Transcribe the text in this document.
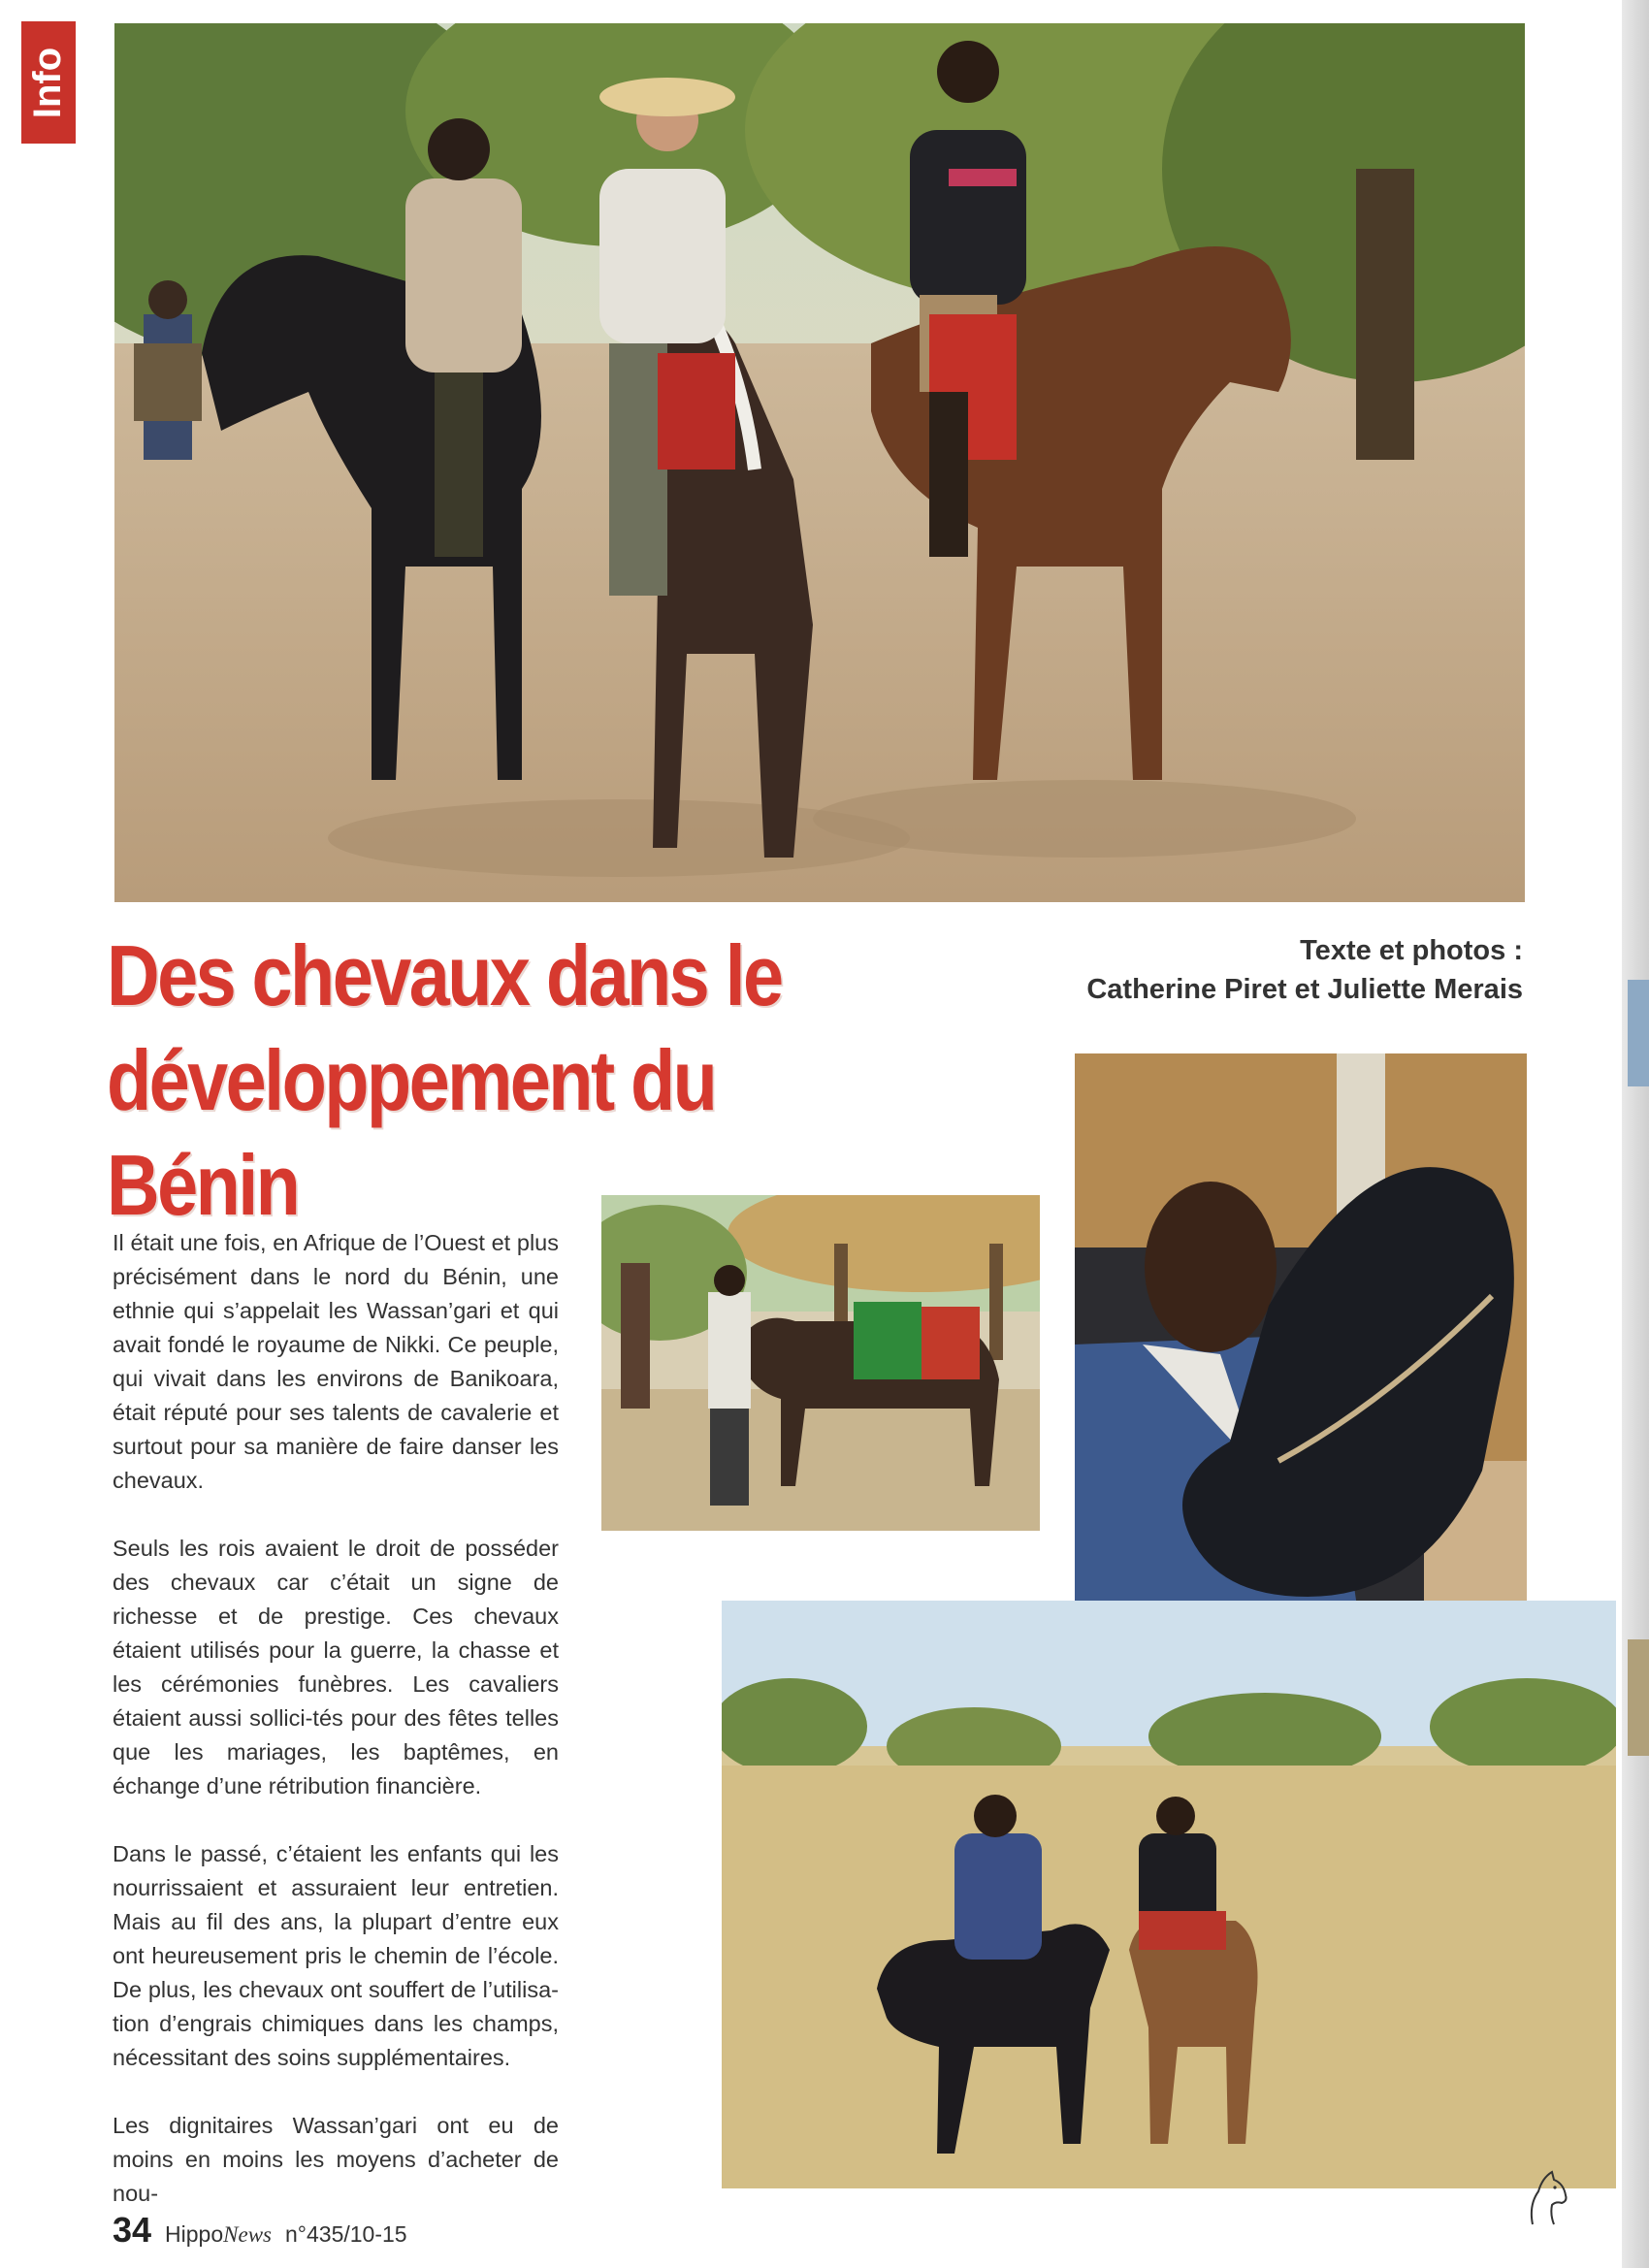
Info
Des chevaux dans le
développement du Bénin
Texte et photos :
Catherine Piret et Juliette Merais

Il était une fois, en Afrique de l’Ouest et plus précisément dans le nord du Bénin, une ethnie qui s’appelait les Wassan’gari et qui avait fondé le royaume de Nikki. Ce peuple, qui vivait dans les environs de Banikoara, était réputé pour ses talents de cavalerie et surtout pour sa manière de faire danser les chevaux.

Seuls les rois avaient le droit de posséder des chevaux car c’était un signe de richesse et de prestige. Ces chevaux étaient utilisés pour la guerre, la chasse et les cérémonies funèbres. Les cavaliers étaient aussi sollici-tés pour des fêtes telles que les mariages, les baptêmes, en échange d’une rétribution financière.

Dans le passé, c’étaient les enfants qui les nourrissaient et assuraient leur entretien. Mais au fil des ans, la plupart d’entre eux ont heureusement pris le chemin de l’école. De plus, les chevaux ont souffert de l’utilisa-tion d’engrais chimiques dans les champs, nécessitant des soins supplémentaires.

Les dignitaires Wassan’gari ont eu de moins en moins les moyens d’acheter de nou-

34 HippoNews n°435/10-15
